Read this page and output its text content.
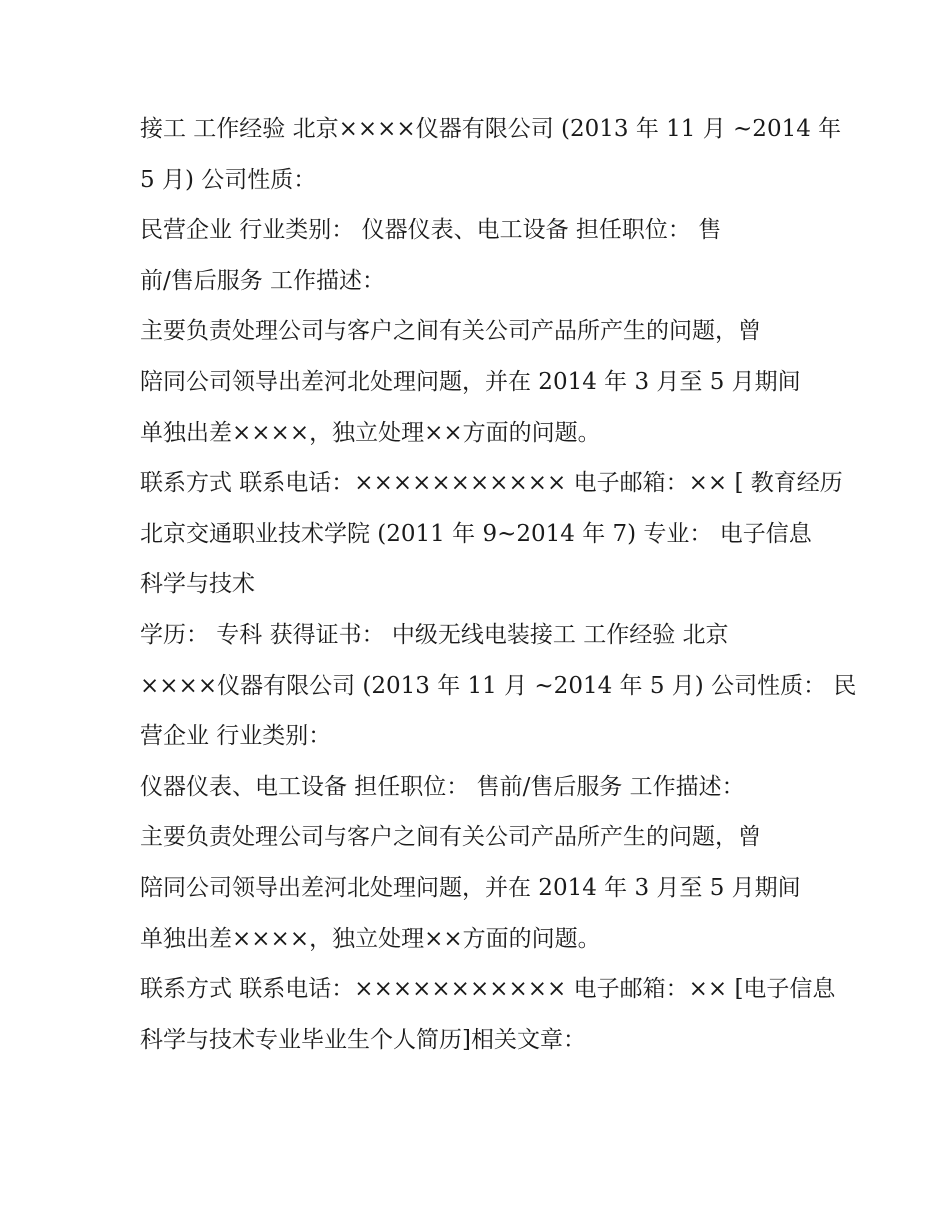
接工 工作经验 北京××××仪器有限公司 (2013 年 11 月 ~2014 年
5 月) 公司性质：
民营企业 行业类别： 仪器仪表、电工设备 担任职位： 售
前/售后服务 工作描述：
主要负责处理公司与客户之间有关公司产品所产生的问题，曾
陪同公司领导出差河北处理问题，并在 2014 年 3 月至 5 月期间
单独出差××××，独立处理××方面的问题。
联系方式 联系电话：××××××××××× 电子邮箱：×× [ 教育经历
北京交通职业技术学院 (2011 年 9~2014 年 7) 专业： 电子信息
科学与技术
学历： 专科 获得证书： 中级无线电装接工 工作经验 北京
××××仪器有限公司 (2013 年 11 月 ~2014 年 5 月) 公司性质： 民
营企业 行业类别：
仪器仪表、电工设备 担任职位： 售前/售后服务 工作描述：
主要负责处理公司与客户之间有关公司产品所产生的问题，曾
陪同公司领导出差河北处理问题，并在 2014 年 3 月至 5 月期间
单独出差××××，独立处理××方面的问题。
联系方式 联系电话：××××××××××× 电子邮箱：×× [电子信息
科学与技术专业毕业生个人简历]相关文章：
